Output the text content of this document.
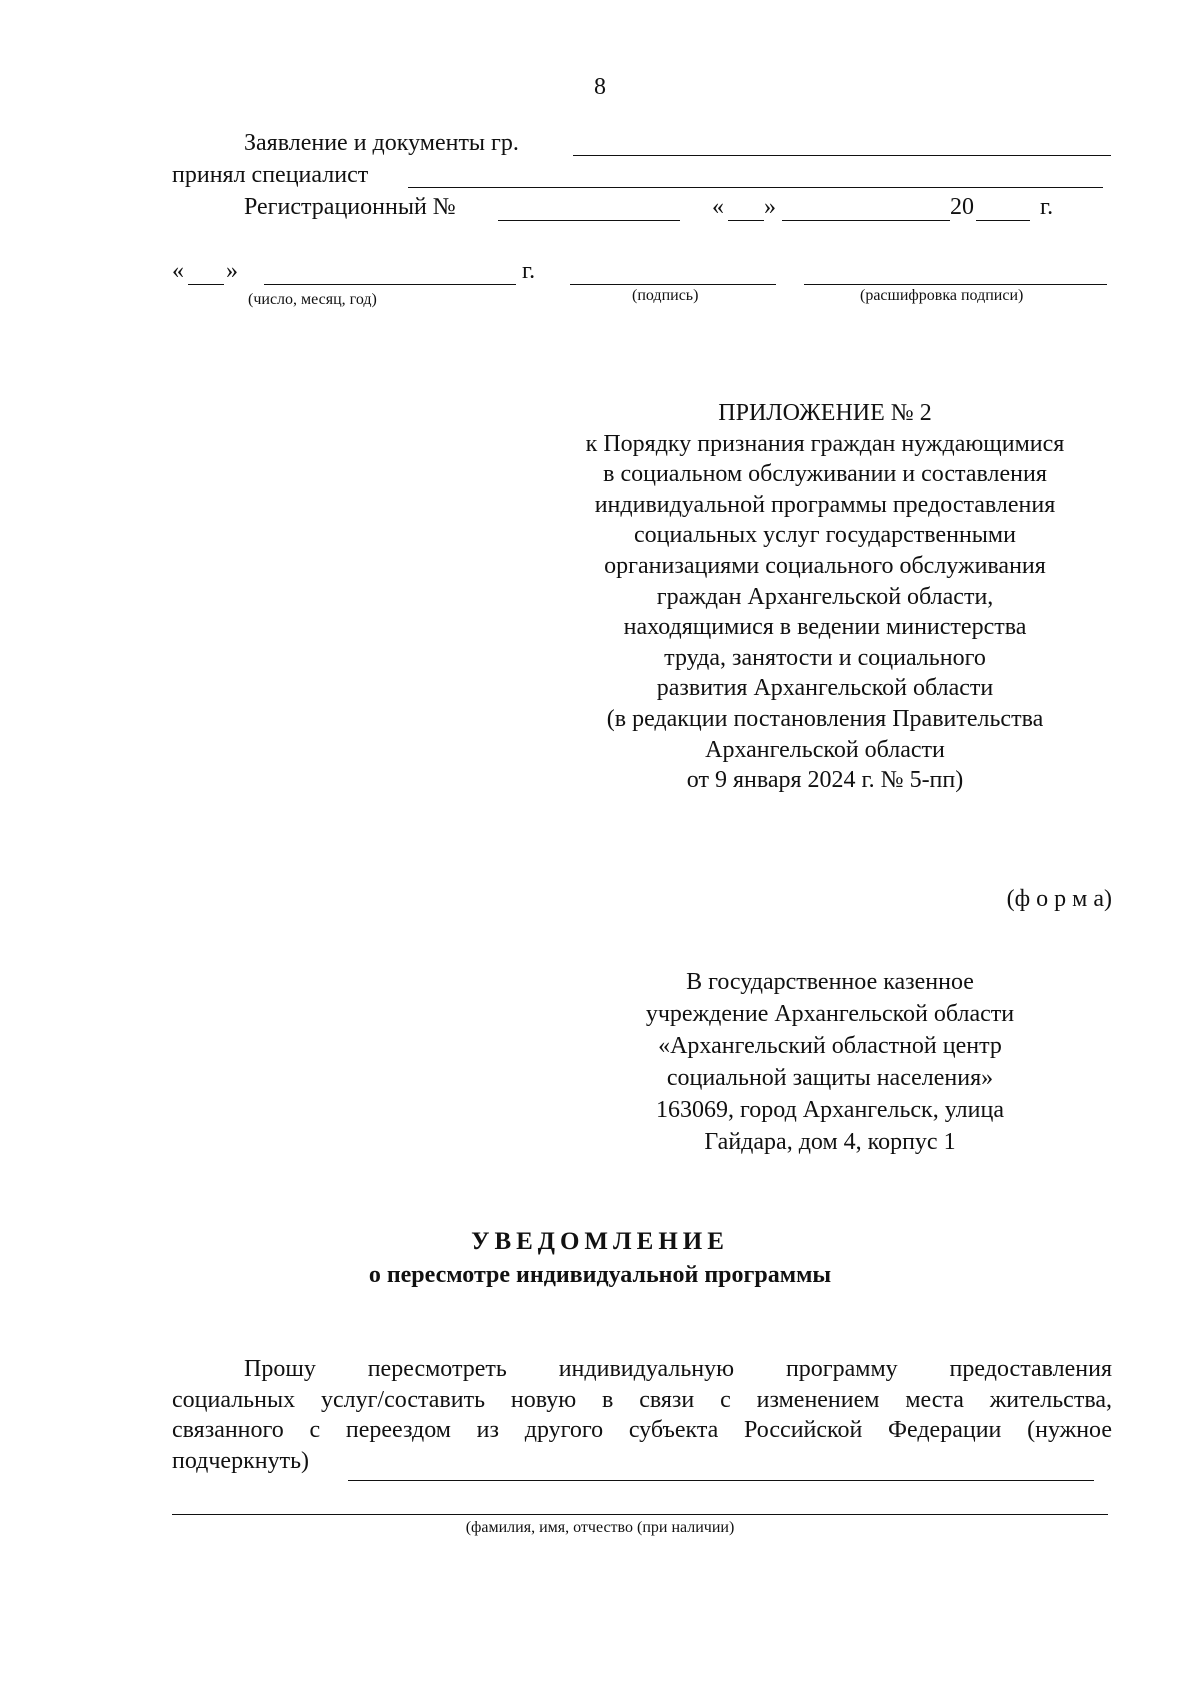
8
Заявление и документы гр.
принял специалист
Регистрационный №	« »	20	г.
« »	г.
(число, месяц, год)	(подпись)	(расшифровка подписи)
ПРИЛОЖЕНИЕ № 2
к Порядку признания граждан нуждающимися
в социальном обслуживании и составления
индивидуальной программы предоставления
социальных услуг государственными
организациями социального обслуживания
граждан Архангельской области,
находящимися в ведении министерства
труда, занятости и социального
развития Архангельской области
(в редакции постановления Правительства
Архангельской области
от 9 января 2024 г. № 5-пп)
(ф о р м а)
В государственное казенное
учреждение Архангельской области
«Архангельский областной центр
социальной защиты населения»
163069, город Архангельск, улица
Гайдара, дом 4, корпус 1
УВЕДОМЛЕНИЕ
о пересмотре индивидуальной программы
Прошу пересмотреть индивидуальную программу предоставления
социальных услуг/составить новую в связи с изменением места жительства,
связанного с переездом из другого субъекта Российской Федерации (нужное
подчеркнуть)
(фамилия, имя, отчество (при наличии)
